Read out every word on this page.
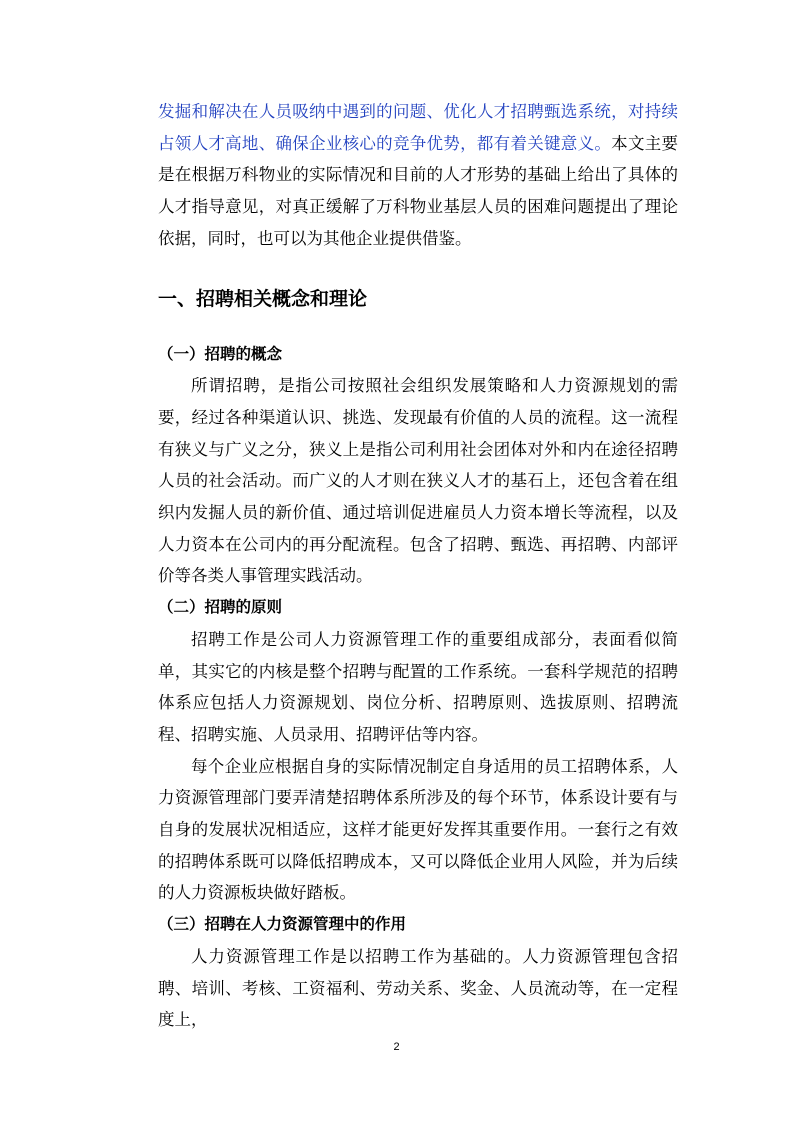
发掘和解决在人员吸纳中遇到的问题、优化人才招聘甄选系统，对持续占领人才高地、确保企业核心的竞争优势，都有着关键意义。本文主要是在根据万科物业的实际情况和目前的人才形势的基础上给出了具体的人才指导意见，对真正缓解了万科物业基层人员的困难问题提出了理论依据，同时，也可以为其他企业提供借鉴。

一、招聘相关概念和理论
（一）招聘的概念

所谓招聘，是指公司按照社会组织发展策略和人力资源规划的需要，经过各种渠道认识、挑选、发现最有价值的人员的流程。这一流程有狭义与广义之分，狭义上是指公司利用社会团体对外和内在途径招聘人员的社会活动。而广义的人才则在狭义人才的基石上，还包含着在组织内发掘人员的新价值、通过培训促进雇员人力资本增长等流程，以及人力资本在公司内的再分配流程。包含了招聘、甄选、再招聘、内部评价等各类人事管理实践活动。

（二）招聘的原则

招聘工作是公司人力资源管理工作的重要组成部分，表面看似简单，其实它的内核是整个招聘与配置的工作系统。一套科学规范的招聘体系应包括人力资源规划、岗位分析、招聘原则、选拔原则、招聘流程、招聘实施、人员录用、招聘评估等内容。

每个企业应根据自身的实际情况制定自身适用的员工招聘体系，人力资源管理部门要弄清楚招聘体系所涉及的每个环节，体系设计要有与自身的发展状况相适应，这样才能更好发挥其重要作用。一套行之有效的招聘体系既可以降低招聘成本，又可以降低企业用人风险，并为后续的人力资源板块做好踏板。

（三）招聘在人力资源管理中的作用

人力资源管理工作是以招聘工作为基础的。人力资源管理包含招聘、培训、考核、工资福利、劳动关系、奖金、人员流动等，在一定程度上，

2
